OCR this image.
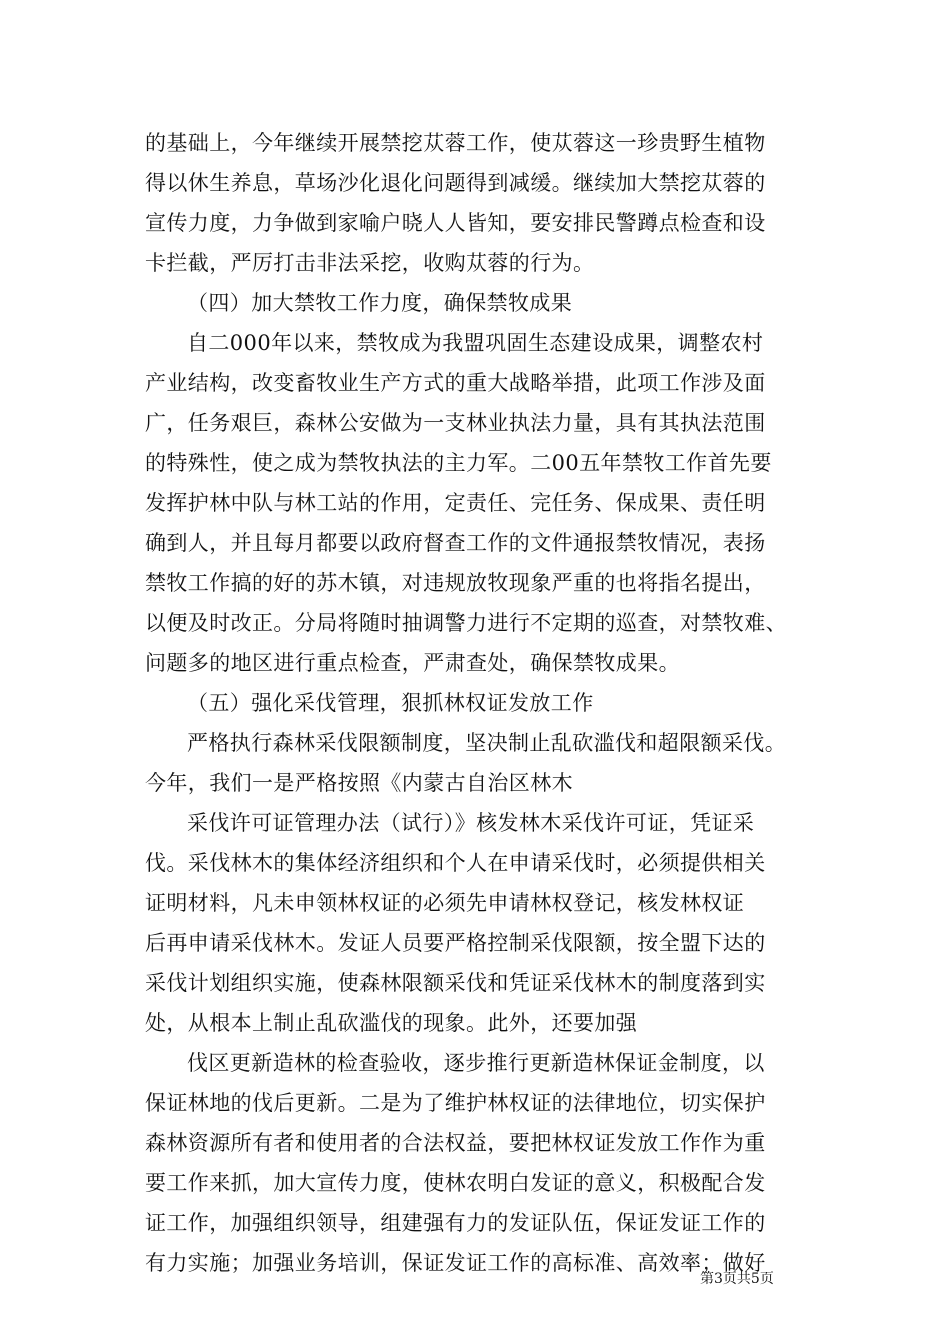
的基础上，今年继续开展禁挖苁蓉工作，使苁蓉这一珍贵野生植物
得以休生养息，草场沙化退化问题得到减缓。继续加大禁挖苁蓉的
宣传力度，力争做到家喻户晓人人皆知，要安排民警蹲点检查和设
卡拦截，严厉打击非法采挖，收购苁蓉的行为。
（四）加大禁牧工作力度，确保禁牧成果
自二000年以来，禁牧成为我盟巩固生态建设成果，调整农村
产业结构，改变畜牧业生产方式的重大战略举措，此项工作涉及面
广，任务艰巨，森林公安做为一支林业执法力量，具有其执法范围
的特殊性，使之成为禁牧执法的主力军。二00五年禁牧工作首先要
发挥护林中队与林工站的作用，定责任、完任务、保成果、责任明
确到人，并且每月都要以政府督查工作的文件通报禁牧情况，表扬
禁牧工作搞的好的苏木镇，对违规放牧现象严重的也将指名提出，
以便及时改正。分局将随时抽调警力进行不定期的巡查，对禁牧难、
问题多的地区进行重点检查，严肃查处，确保禁牧成果。
（五）强化采伐管理，狠抓林权证发放工作
严格执行森林采伐限额制度，坚决制止乱砍滥伐和超限额采伐。
今年，我们一是严格按照《内蒙古自治区林木
采伐许可证管理办法（试行）》核发林木采伐许可证，凭证采
伐。采伐林木的集体经济组织和个人在申请采伐时，必须提供相关
证明材料，凡未申领林权证的必须先申请林权登记，核发林权证
后再申请采伐林木。发证人员要严格控制采伐限额，按全盟下达的
采伐计划组织实施，使森林限额采伐和凭证采伐林木的制度落到实
处，从根本上制止乱砍滥伐的现象。此外，还要加强
伐区更新造林的检查验收，逐步推行更新造林保证金制度，以
保证林地的伐后更新。二是为了维护林权证的法律地位，切实保护
森林资源所有者和使用者的合法权益，要把林权证发放工作作为重
要工作来抓，加大宣传力度，使林农明白发证的意义，积极配合发
证工作，加强组织领导，组建强有力的发证队伍，保证发证工作的
有力实施；加强业务培训，保证发证工作的高标准、高效率；做好
第3页共5页
